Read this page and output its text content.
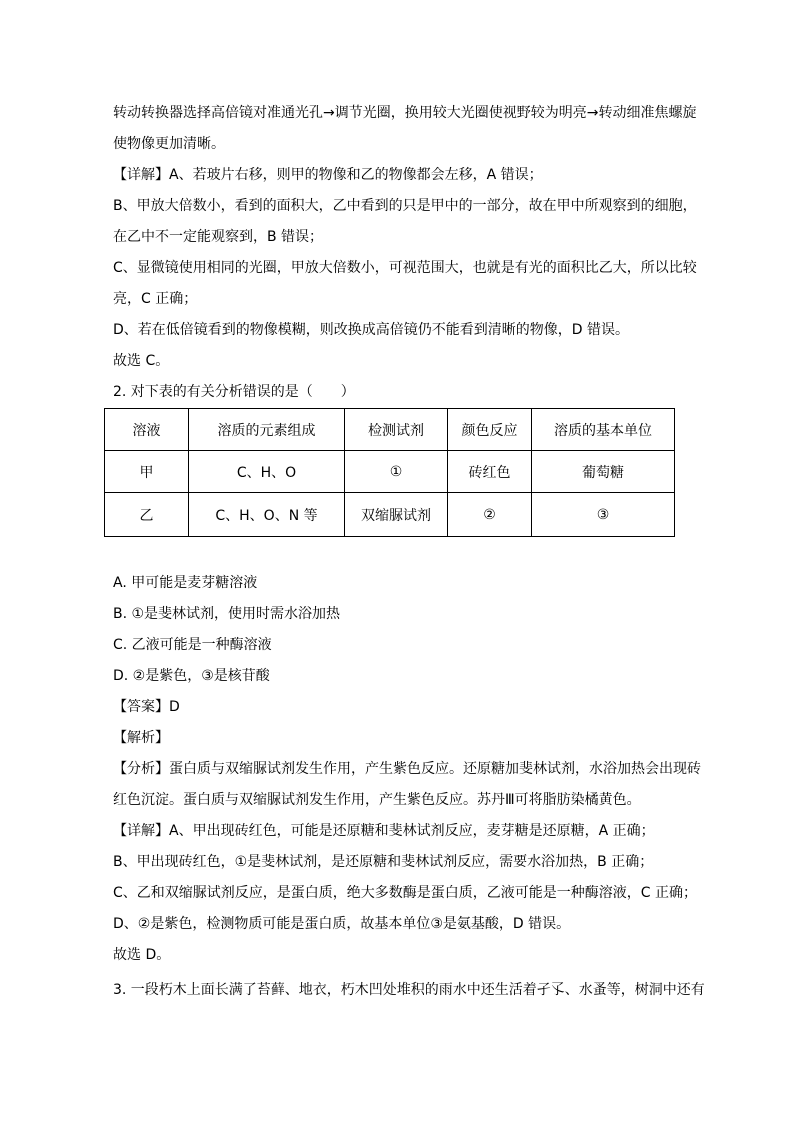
转动转换器选择高倍镜对准通光孔→调节光圈，换用较大光圈使视野较为明亮→转动细准焦螺旋
使物像更加清晰。
【详解】A、若玻片右移，则甲的物像和乙的物像都会左移，A 错误；
B、甲放大倍数小，看到的面积大，乙中看到的只是甲中的一部分，故在甲中所观察到的细胞，
在乙中不一定能观察到，B 错误；
C、显微镜使用相同的光圈，甲放大倍数小，可视范围大，也就是有光的面积比乙大，所以比较
亮，C 正确；
D、若在低倍镜看到的物像模糊，则改换成高倍镜仍不能看到清晰的物像，D 错误。
故选 C。
2. 对下表的有关分析错误的是（　　）
溶液	溶质的元素组成	检测试剂	颜色反应	溶质的基本单位
甲	C、H、O	①	砖红色	葡萄糖
乙	C、H、O、N 等	双缩脲试剂	②	③
A. 甲可能是麦芽糖溶液
B. ①是斐林试剂，使用时需水浴加热
C. 乙液可能是一种酶溶液
D. ②是紫色，③是核苷酸
【答案】D
【解析】
【分析】蛋白质与双缩脲试剂发生作用，产生紫色反应。还原糖加斐林试剂，水浴加热会出现砖
红色沉淀。蛋白质与双缩脲试剂发生作用，产生紫色反应。苏丹Ⅲ可将脂肪染橘黄色。
【详解】A、甲出现砖红色，可能是还原糖和斐林试剂反应，麦芽糖是还原糖，A 正确；
B、甲出现砖红色，①是斐林试剂，是还原糖和斐林试剂反应，需要水浴加热，B 正确；
C、乙和双缩脲试剂反应，是蛋白质，绝大多数酶是蛋白质，乙液可能是一种酶溶液，C 正确；
D、②是紫色，检测物质可能是蛋白质，故基本单位③是氨基酸，D 错误。
故选 D。
3. 一段朽木上面长满了苔藓、地衣，朽木凹处堆积的雨水中还生活着孑孓、水蚤等，树洞中还有
